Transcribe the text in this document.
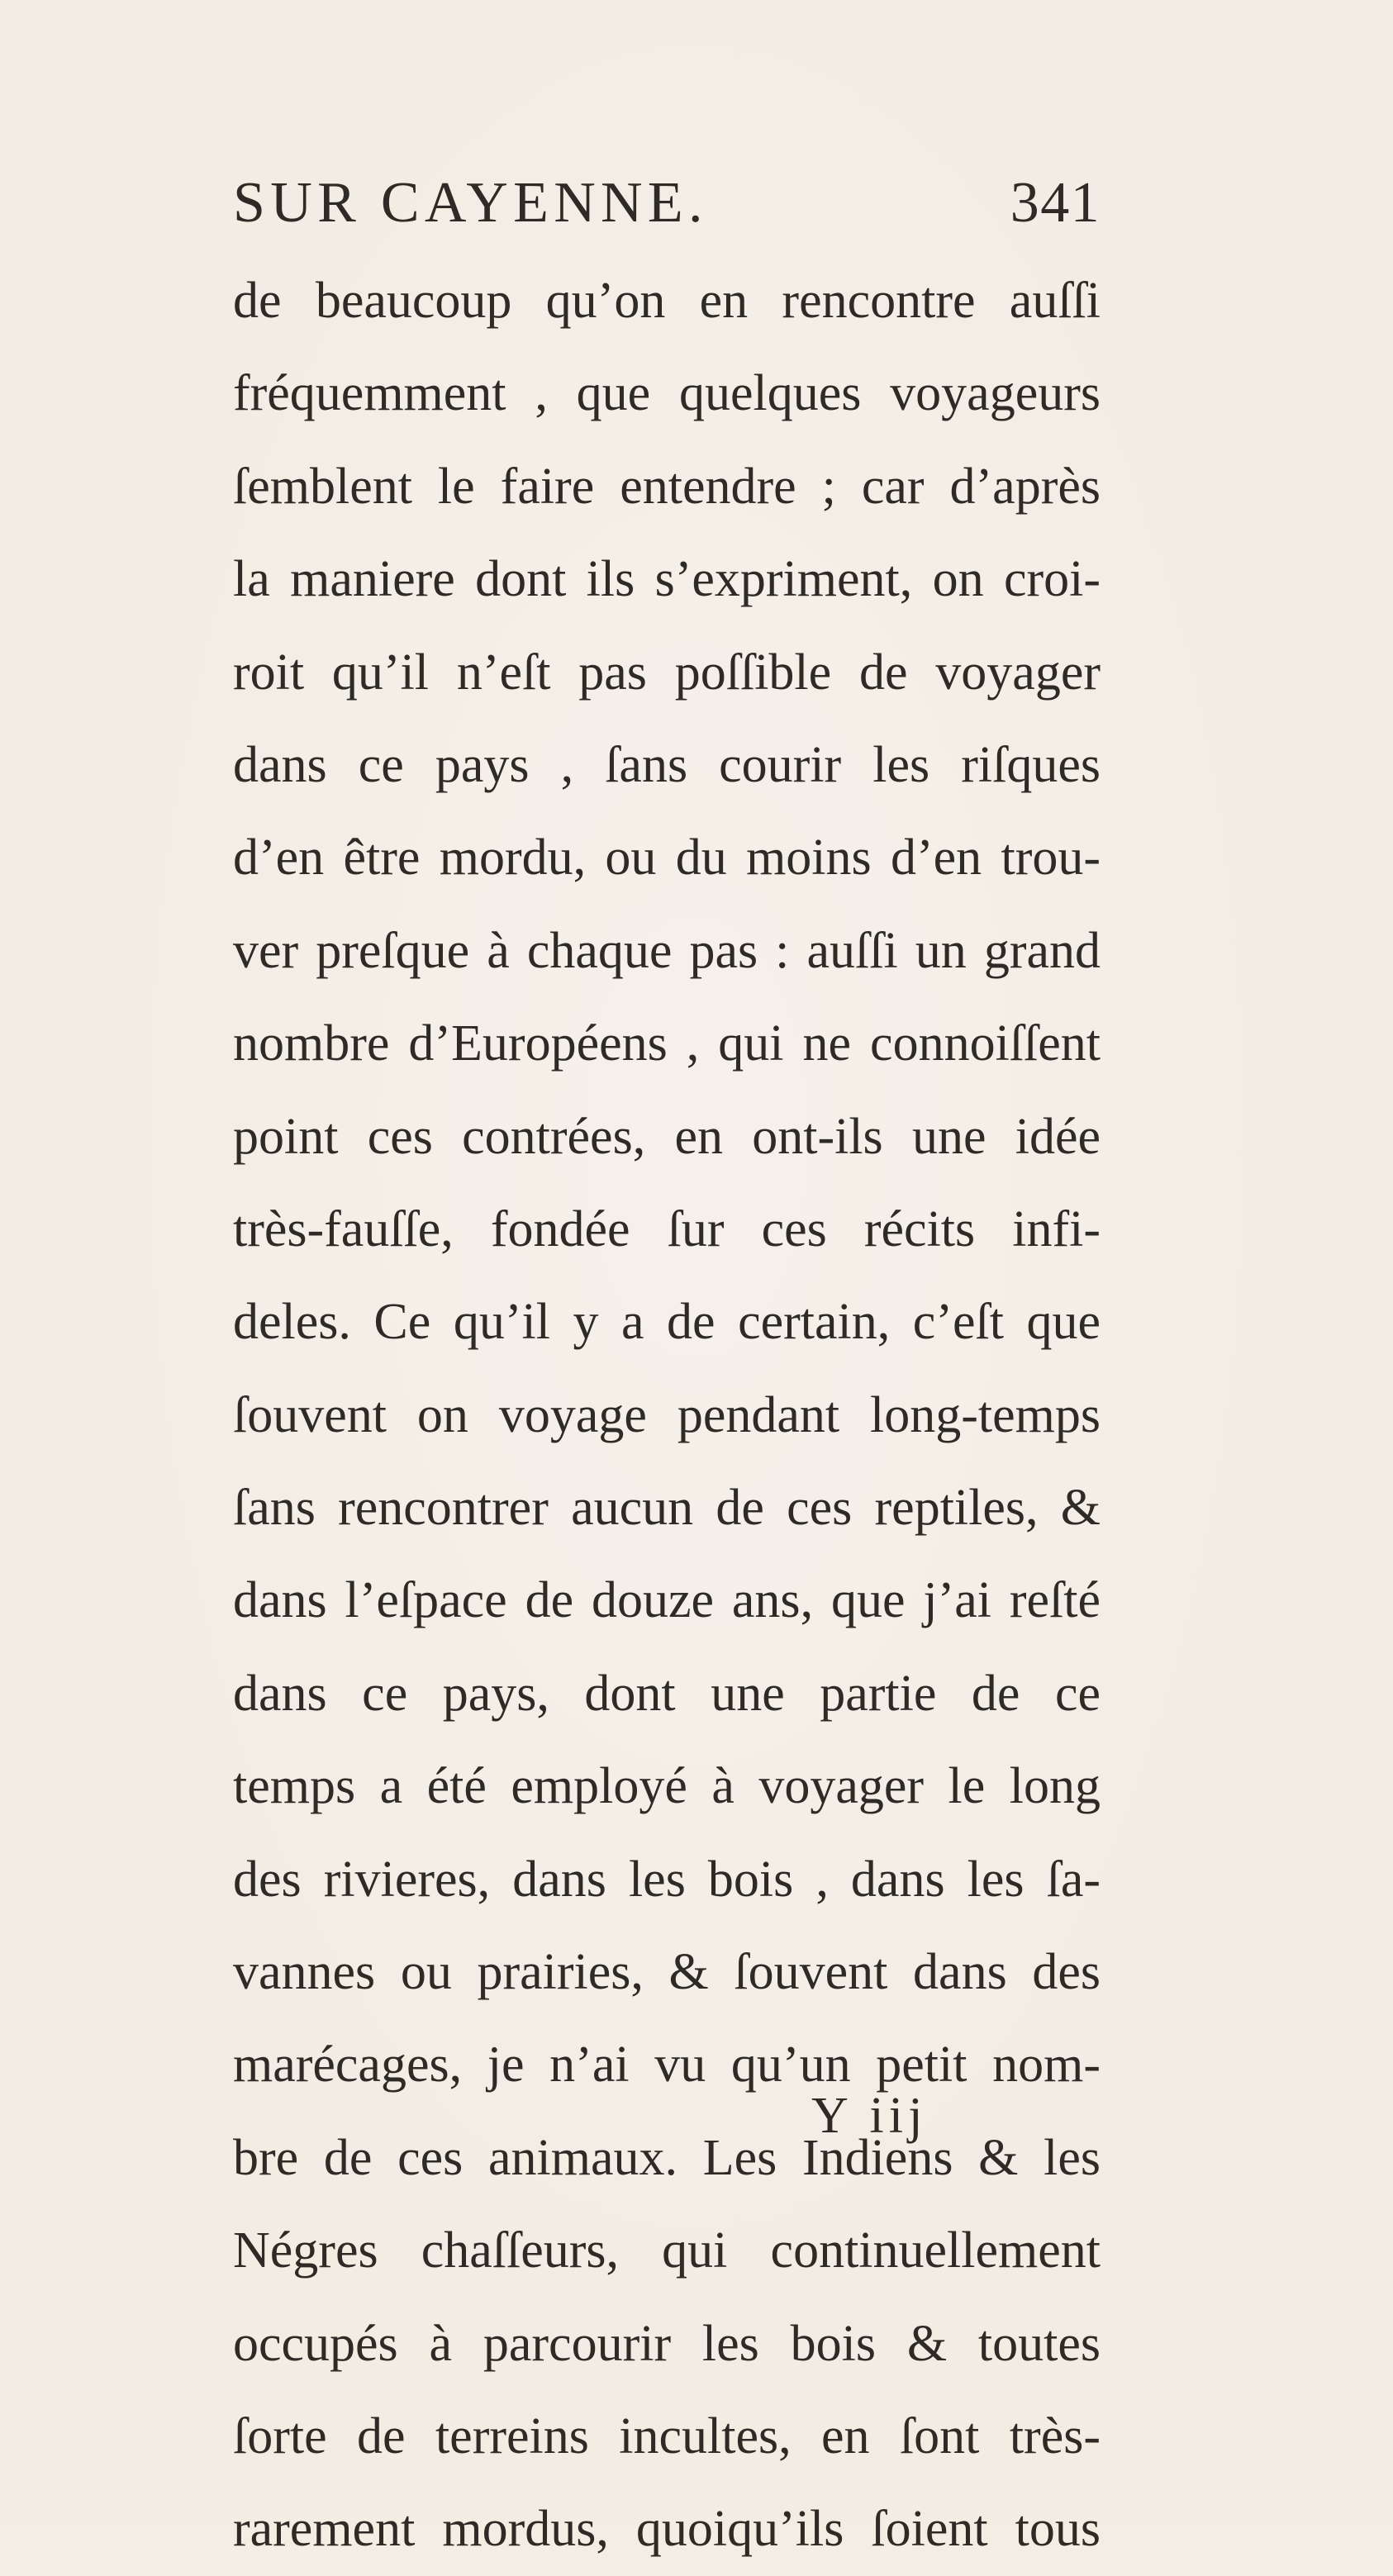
SUR CAYENNE.	341
de beaucoup qu’on en rencontre auſſi
fréquemment , que quelques voyageurs
ſemblent le faire entendre ; car d’après
la maniere dont ils s’expriment, on croi-
roit qu’il n’eſt pas poſſible de voyager
dans ce pays , ſans courir les riſques
d’en être mordu, ou du moins d’en trou-
ver preſque à chaque pas : auſſi un grand
nombre d’Européens , qui ne connoiſſent
point ces contrées, en ont-ils une idée
très-fauſſe, fondée ſur ces récits infi-
deles. Ce qu’il y a de certain, c’eſt que
ſouvent on voyage pendant long-temps
ſans rencontrer aucun de ces reptiles, &
dans l’eſpace de douze ans, que j’ai reſté
dans ce pays, dont une partie de ce
temps a été employé à voyager le long
des rivieres, dans les bois , dans les ſa-
vannes ou prairies, & ſouvent dans des
marécages, je n’ai vu qu’un petit nom-
bre de ces animaux. Les Indiens & les
Négres chaſſeurs, qui continuellement
occupés à parcourir les bois & toutes
ſorte de terreins incultes, en ſont très-
rarement mordus, quoiqu’ils ſoient tous
Y iij
